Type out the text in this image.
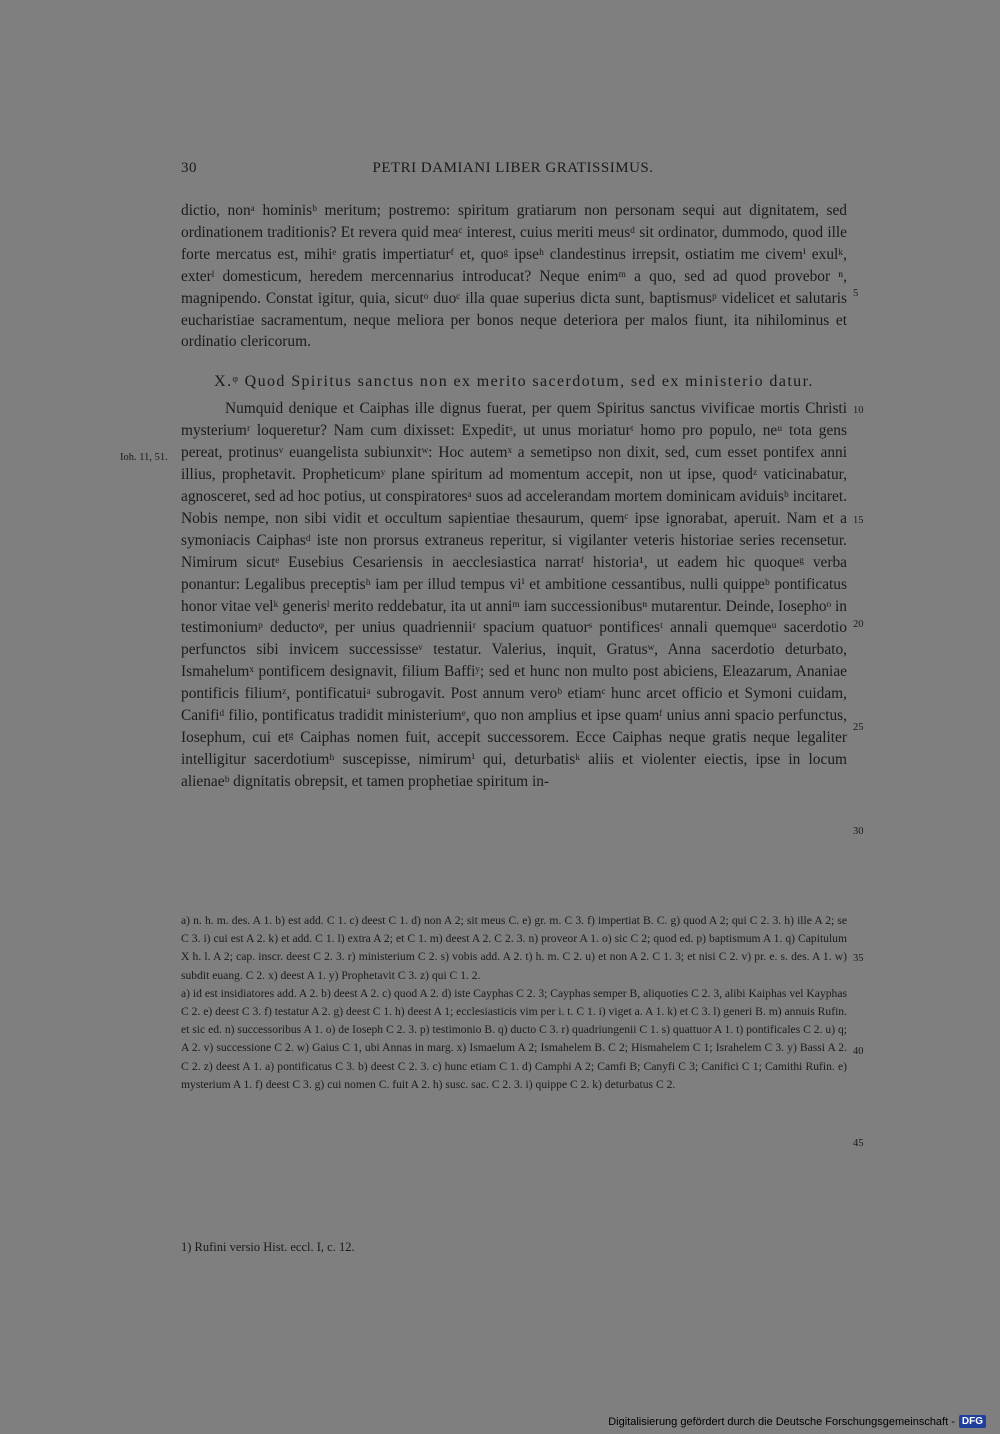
30	PETRI DAMIANI LIBER GRATISSIMUS.

dictio, nonᵃ hominisᵇ meritum; postremo: spiritum gratiarum non personam sequi aut dignitatem, sed ordinationem traditionis? Et revera quid meaᶜ interest, cuius meriti meusᵈ sit ordinator, dummodo, quod ille forte mercatus est, mihiᵉ gratis impertiaturᶠ et, quoᵍ ipseʰ clandestinus irrepsit, ostiatim me civemⁱ exulᵏ, exterˡ domesticum, heredem mercennarius introducat? Neque enimᵐ a quo, sed ad quod provebor ⁿ, magnipendo. Constat igitur, quia, sicutᵒ duoᶜ illa quae superius dicta sunt, baptismusᵖ videlicet et salutaris eucharistiae sacramentum, neque meliora per bonos neque deteriora per malos fiunt, ita nihilominus et ordinatio clericorum.

X.ᵠ Quod Spiritus sanctus non ex merito sacerdotum, sed ex ministerio datur.

Numquid denique et Caiphas ille dignus fuerat, per quem Spiritus sanctus vivificae mortis Christi mysteriumʳ loqueretur? Nam cum dixisset: Expeditˢ, ut unus moriaturᵗ homo pro populo, neᵘ tota gens pereat, protinusᵛ euangelista subiunxitʷ: Hoc autemˣ a semetipso non dixit, sed, cum esset pontifex anni illius, prophetavit. Propheticumʸ plane spiritum ad momentum accepit, non ut ipse, quodᶻ vaticinabatur, agnosceret, sed ad hoc potius, ut conspiratoresᵃ suos ad accelerandam mortem dominicam aviduisᵇ incitaret. Nobis nempe, non sibi vidit et occultum sapientiae thesaurum, quemᶜ ipse ignorabat, aperuit. Nam et a symoniacis Caiphasᵈ iste non prorsus extraneus reperitur, si vigilanter veteris historiae series recensetur. Nimirum sicutᵉ Eusebius Cesariensis in aecclesiastica narratᶠ historia¹, ut eadem hic quoqueᵍ verba ponantur: Legalibus preceptisʰ iam per illud tempus viⁱ et ambitione cessantibus, nulli quippeᵇ pontificatus honor vitae velᵏ generisˡ merito reddebatur, ita ut anniᵐ iam successionibusⁿ mutarentur. Deinde, Iosephoᵒ in testimoniumᵖ deductoᵠ, per unius quadrienniiʳ spacium quatuorˢ pontificesᵗ annali quemqueᵘ sacerdotio perfunctos sibi invicem successisseᵛ testatur. Valerius, inquit, Gratusʷ, Anna sacerdotio deturbato, Ismahelumˣ pontificem designavit, filium Baffiʸ; sed et hunc non multo post abiciens, Eleazarum, Ananiae pontificis filiumᶻ, pontificatuiᵃ subrogavit. Post annum veroᵇ etiamᶜ hunc arcet officio et Symoni cuidam, Canifiᵈ filio, pontificatus tradidit ministeriumᵉ, quo non amplius et ipse quamᶠ unius anni spacio perfunctus, Iosephum, cui etᵍ Caiphas nomen fuit, accepit successorem. Ecce Caiphas neque gratis neque legaliter intelligitur sacerdotiumʰ suscepisse, nimirumⁱ qui, deturbatisᵏ aliis et violenter eiectis, ipse in locum alienaeᵇ dignitatis obrepsit, et tamen prophetiae spiritum in-

Ioh. 11, 51.
5
10
15
20
25
30
35
40
45

a) n. h. m. des. A 1. b) est add. C 1. c) deest C 1. d) non A 2; sit meus C. e) gr. m. C 3. f) impertiat B. C. g) quod A 2; qui C 2. 3. h) ille A 2; se C 3. i) cui est A 2. k) et add. C 1. l) extra A 2; et C 1. m) deest A 2. C 2. 3. n) proveor A 1. o) sic C 2; quod ed. p) baptismum A 1. q) Capitulum X h. l. A 2; cap. inscr. deest C 2. 3. r) ministerium C 2. s) vobis add. A 2. t) h. m. C 2. u) et non A 2. C 1. 3; et nisi C 2. v) pr. e. s. des. A 1. w) subdit euang. C 2. x) deest A 1. y) Prophetavit C 3. z) qui C 1. 2.

a) id est insidiatores add. A 2. b) deest A 2. c) quod A 2. d) iste Cayphas C 2. 3; Cayphas semper B, aliquoties C 2. 3, alibi Kaiphas vel Kayphas C 2. e) deest C 3. f) testatur A 2. g) deest C 1. h) deest A 1; ecclesiasticis vim per i. t. C 1. i) viget a. A 1. k) et C 3. l) generi B. m) annuis Rufin. et sic ed. n) successoribus A 1. o) de Ioseph C 2. 3. p) testimonio B. q) ducto C 3. r) quadriungenii C 1. s) quattuor A 1. t) pontificales C 2. u) q; A 2. v) successione C 2. w) Gaius C 1, ubi Annas in marg. x) Ismaelum A 2; Ismahelem B. C 2; Hismahelem C 1; Israhelem C 3. y) Bassi A 2. C 2. z) deest A 1. a) pontificatus C 3. b) deest C 2. 3. c) hunc etiam C 1. d) Camphi A 2; Camfi B; Canyfi C 3; Canifici C 1; Camithi Rufin. e) mysterium A 1. f) deest C 3. g) cui nomen C. fuit A 2. h) susc. sac. C 2. 3. i) quippe C 2. k) deturbatus C 2.

1) Rufini versio Hist. eccl. I, c. 12.
Digitalisierung gefördert durch die Deutsche Forschungsgemeinschaft - DFG
